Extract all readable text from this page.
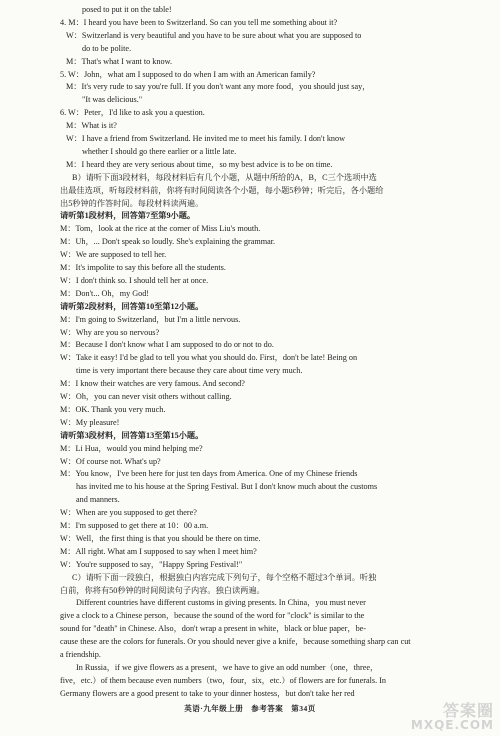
posed to put it on the table!
4. M：I heard you have been to Switzerland. So can you tell me something about it?
W：Switzerland is very beautiful and you have to be sure about what you are supposed to
do to be polite.
M：That's what I want to know.
5. W：John，what am I supposed to do when I am with an American family?
M：It's very rude to say you're full. If you don't want any more food，you should just say，
"It was delicious."
6. W：Peter，I'd like to ask you a question.
M：What is it?
W：I have a friend from Switzerland. He invited me to meet his family. I don't know
whether I should go there earlier or a little late.
M：I heard they are very serious about time，so my best advice is to be on time.
B）请听下面3段材料，每段材料后有几个小题，从题中所给的A，B，C三个选项中选
出最佳选项，听每段材料前，你将有时间阅读各个小题，每小题5秒钟；听完后，各小题给
出5秒钟的作答时间。每段材料读两遍。
请听第1段材料，回答第7至第9小题。
M：Tom，look at the rice at the corner of Miss Liu's mouth.
M：Uh，... Don't speak so loudly. She's explaining the grammar.
W：We are supposed to tell her.
M：It's impolite to say this before all the students.
W：I don't think so. I should tell her at once.
M：Don't... Oh，my God!
请听第2段材料，回答第10至第12小题。
M：I'm going to Switzerland，but I'm a little nervous.
W：Why are you so nervous?
M：Because I don't know what I am supposed to do or not to do.
W：Take it easy! I'd be glad to tell you what you should do. First，don't be late! Being on
time is very important there because they care about time very much.
M：I know their watches are very famous. And second?
W：Oh，you can never visit others without calling.
M：OK. Thank you very much.
W：My pleasure!
请听第3段材料，回答第13至第15小题。
M：Li Hua，would you mind helping me?
W：Of course not. What's up?
M：You know，I've been here for just ten days from America. One of my Chinese friends
has invited me to his house at the Spring Festival. But I don't know much about the customs
and manners.
W：When are you supposed to get there?
M：I'm supposed to get there at 10：00 a.m.
W：Well，the first thing is that you should be there on time.
M：All right. What am I supposed to say when I meet him?
W：You're supposed to say，"Happy Spring Festival!"
C）请听下面一段独白，根据独白内容完成下列句子，每个空格不超过3个单词。听独
白前，你将有50秒钟的时间阅读句子内容。独白读两遍。
Different countries have different customs in giving presents. In China，you must never
give a clock to a Chinese person，because the sound of the word for "clock" is similar to the
sound for "death" in Chinese. Also，don't wrap a present in white，black or blue paper，be-
cause these are the colors for funerals. Or you should never give a knife，because something sharp can cut
a friendship.
In Russia，if we give flowers as a present，we have to give an odd number（one，three，
five，etc.）of them because even numbers（two，four，six，etc.）of flowers are for funerals. In
Germany flowers are a good present to take to your dinner hostess，but don't take her red
英语·九年级上册　参考答案　第34页	答案圈
MXQE.COM
